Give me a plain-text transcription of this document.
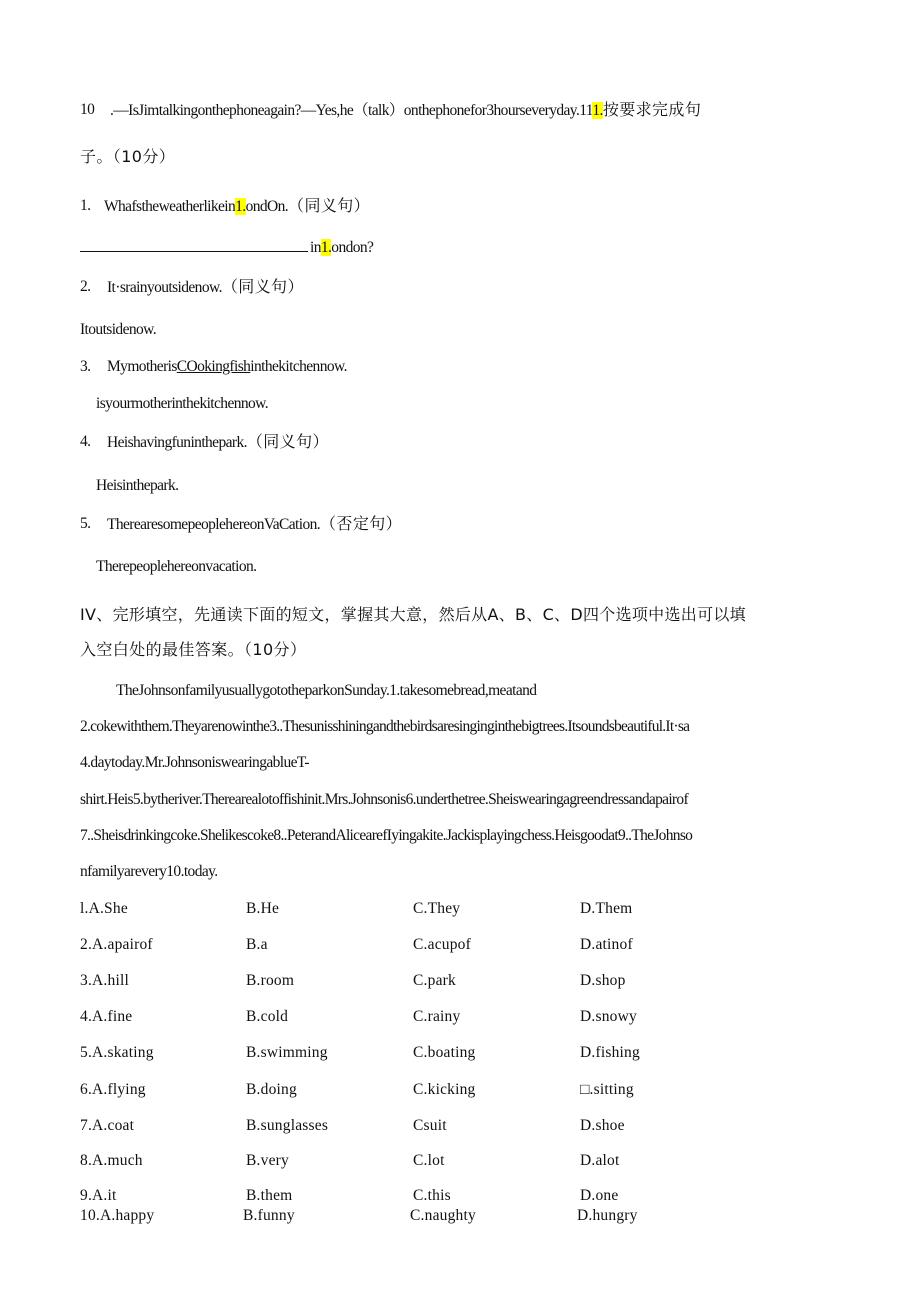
10 .—IsJimtalkingonthephoneagain?—Yes,he（talk）onthephonefor3hourseveryday.111.按要求完成句
子。（10分）
1. Whafstheweatherlikein1.ondOn.（同义句）
in1.ondon?
2. It·srainyoutsidenow.（同义句）
Itoutsidenow.
3. MymotherisCOokingfishinthekitchennow.
isyourmotherinthekitchennow.
4. Heishavingfuninthepark.（同义句）
Heisinthepark.
5. TherearesomepeoplehereonVaCation.（否定句）
Therepeoplehereonvacation.
IV、完形填空，先通读下面的短文，掌握其大意，然后从A、B、C、D四个选项中选出可以填
入空白处的最佳答案。（10分）
TheJohnsonfamilyusuallygototheparkonSunday.1.takesomebread,meatand
2.cokewiththem.Theyarenowinthe3..Thesunisshiningandthebirdsaresinginginthebigtrees.Itsoundsbeautiful.It·sa
4.daytoday.Mr.JohnsoniswearingablueT-
shirt.Heis5.bytheriver.Therearealotoffishinit.Mrs.Johnsonis6.underthetree.Sheiswearingagreendressandapairof
7..Sheisdrinkingcoke.Shelikescoke8..PeterandAlicearefIyingakite.Jackisplayingchess.Heisgoodat9..TheJohnso
nfamilyarevery10.today.
l.A.She	B.He	C.They	D.Them
2.A.apairof	B.a	C.acupof	D.atinof
3.A.hill	B.room	C.park	D.shop
4.A.fine	B.cold	C.rainy	D.snowy
5.A.skating	B.swimming	C.boating	D.fishing
6.A.flying	B.doing	C.kicking	□.sitting
7.A.coat	B.sunglasses	Csuit	D.shoe
8.A.much	B.very	C.lot	D.alot
9.A.it	B.them	C.this	D.one
10.A.happy	B.funny	C.naughty	D.hungry
